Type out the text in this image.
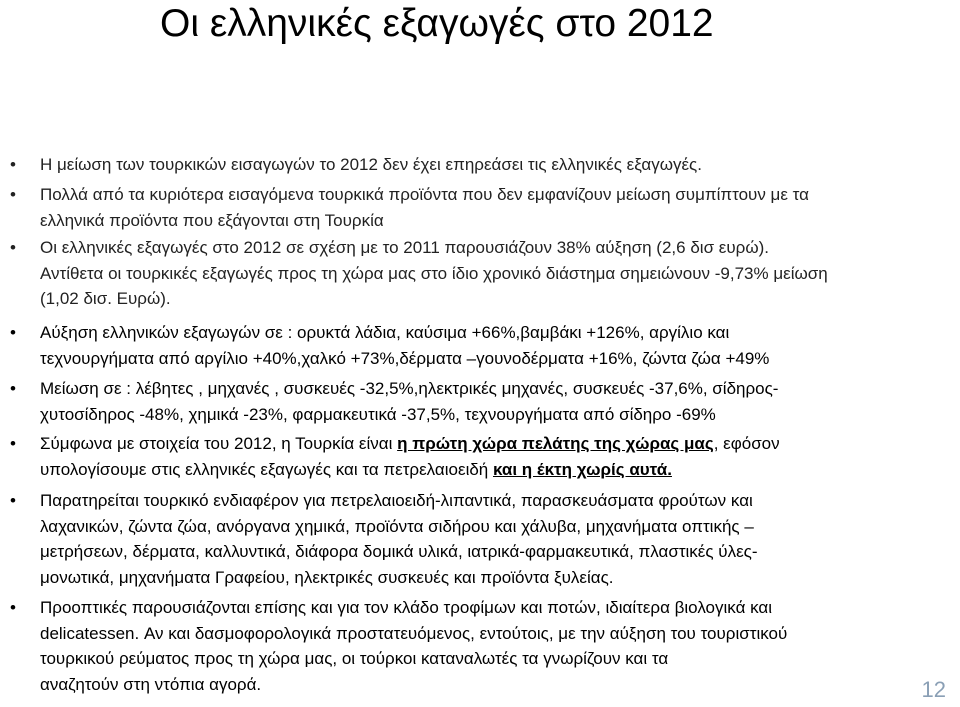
Οι ελληνικές εξαγωγές στο 2012
• Η μείωση των τουρκικών εισαγωγών το 2012 δεν έχει επηρεάσει τις ελληνικές εξαγωγές.
• Πολλά από τα κυριότερα εισαγόμενα τουρκικά προϊόντα που δεν εμφανίζουν μείωση συμπίπτουν με τα
ελληνικά προϊόντα που εξάγονται στη Τουρκία
• Οι ελληνικές εξαγωγές στο 2012 σε σχέση με το 2011 παρουσιάζουν 38% αύξηση (2,6 δισ ευρώ).
Αντίθετα οι τουρκικές εξαγωγές προς τη χώρα μας στο ίδιο χρονικό διάστημα σημειώνουν -9,73% μείωση
(1,02 δισ. Ευρώ).
• Αύξηση ελληνικών εξαγωγών σε : ορυκτά λάδια, καύσιμα +66%,βαμβάκι +126%, αργίλιο και
τεχνουργήματα από αργίλιο +40%,χαλκό +73%,δέρματα –γουνοδέρματα +16%, ζώντα ζώα +49%
• Μείωση σε : λέβητες , μηχανές , συσκευές -32,5%,ηλεκτρικές μηχανές, συσκευές -37,6%, σίδηρος-
χυτοσίδηρος -48%, χημικά -23%, φαρμακευτικά -37,5%, τεχνουργήματα από σίδηρο -69%
• Σύμφωνα με στοιχεία του 2012, η Τουρκία είναι η πρώτη χώρα πελάτης της χώρας μας, εφόσον
υπολογίσουμε στις ελληνικές εξαγωγές και τα πετρελαιοειδή και η έκτη χωρίς αυτά.
• Παρατηρείται τουρκικό ενδιαφέρον για πετρελαιοειδή-λιπαντικά, παρασκευάσματα φρούτων και
λαχανικών, ζώντα ζώα, ανόργανα χημικά, προϊόντα σιδήρου και χάλυβα, μηχανήματα οπτικής –
μετρήσεων, δέρματα, καλλυντικά, διάφορα δομικά υλικά, ιατρικά-φαρμακευτικά, πλαστικές ύλες-
μονωτικά, μηχανήματα Γραφείου, ηλεκτρικές συσκευές και προϊόντα ξυλείας.
• Προοπτικές παρουσιάζονται επίσης και για τον κλάδο τροφίμων και ποτών, ιδιαίτερα βιολογικά και
delicatessen. Αν και δασμοφορολογικά προστατευόμενος, εντούτοις, με την αύξηση του τουριστικού
τουρκικού ρεύματος προς τη χώρα μας, οι τούρκοι καταναλωτές τα γνωρίζουν και τα
αναζητούν στη ντόπια αγορά.	12
